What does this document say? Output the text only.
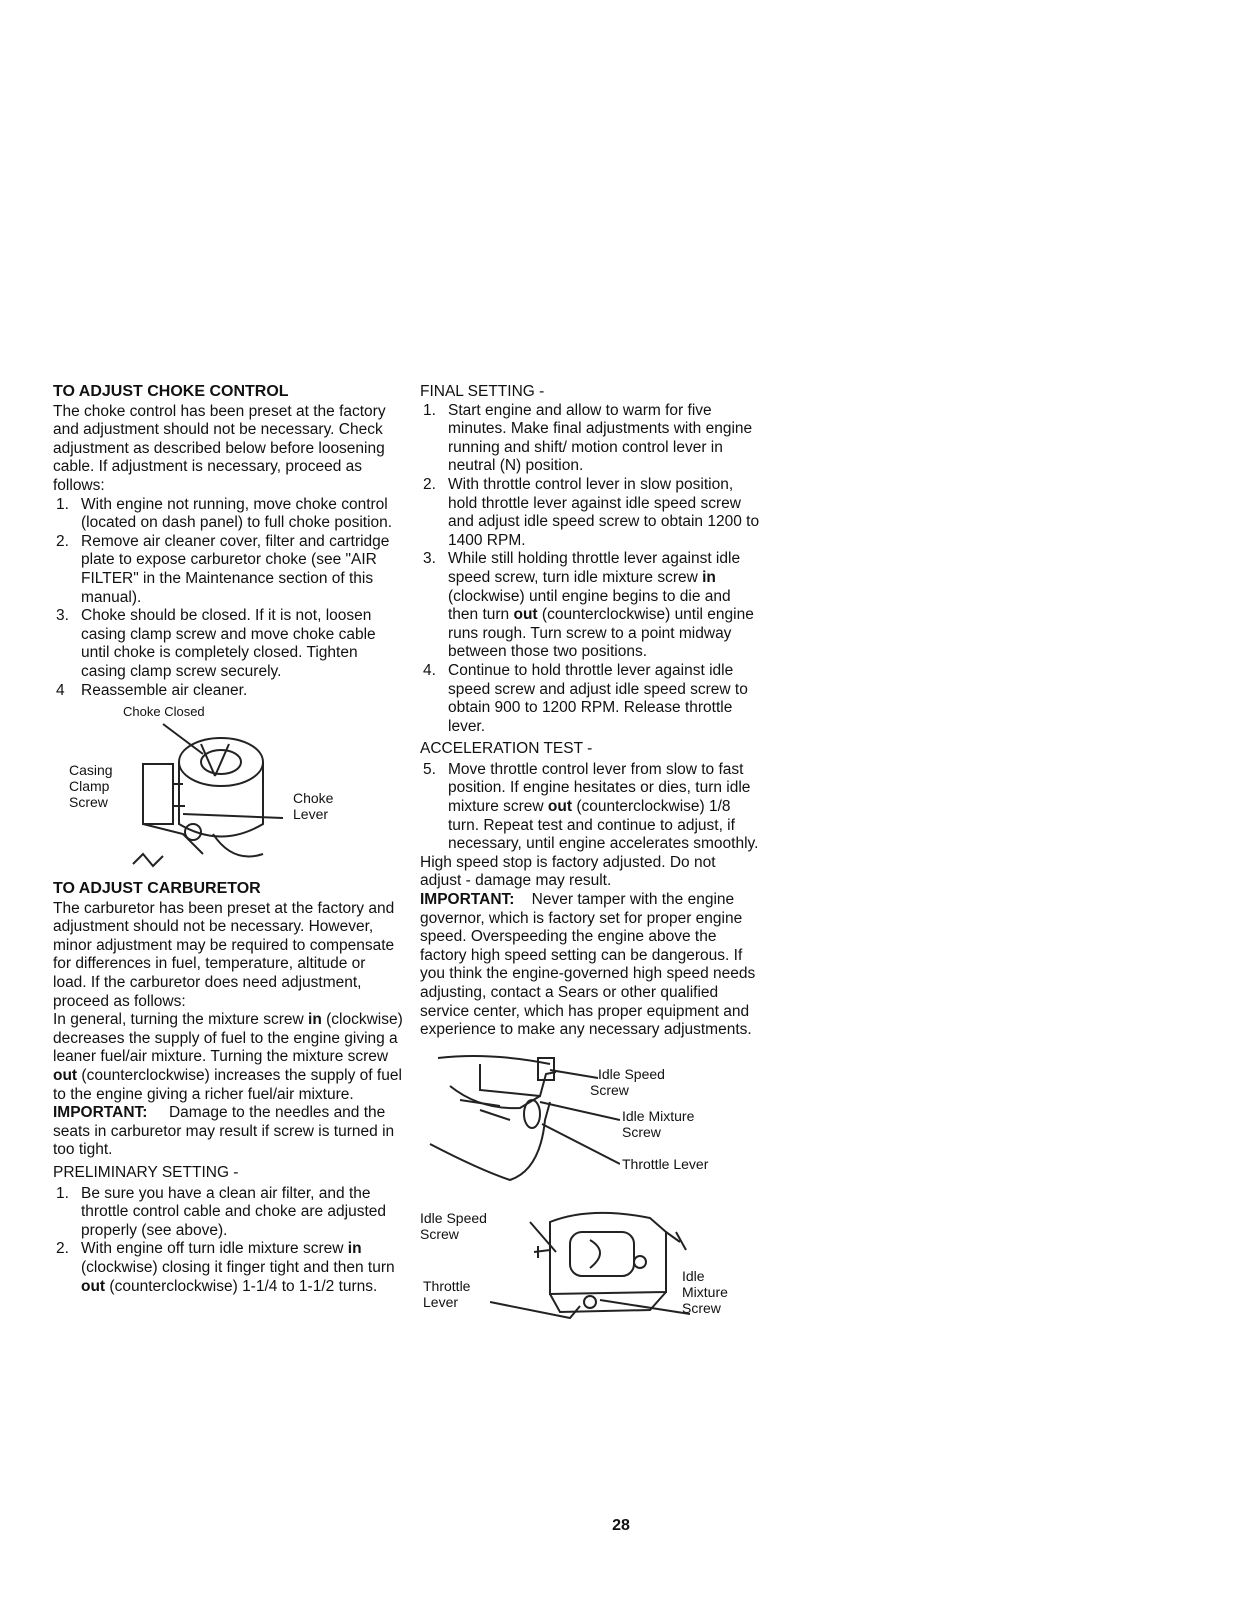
TO ADJUST CHOKE CONTROL

The choke control has been preset at the factory and adjustment should not be necessary. Check adjustment as described below before loosening cable. If adjustment is necessary, proceed as follows:

1. With engine not running, move choke control (located on dash panel) to full choke position.
2. Remove air cleaner cover, filter and cartridge plate to expose carburetor choke (see "AIR FILTER" in the Maintenance section of this manual).
3. Choke should be closed. If it is not, loosen casing clamp screw and move choke cable until choke is completely closed. Tighten casing clamp screw securely.
4 Reassemble air cleaner.
Choke Closed
Casing
Clamp
Screw	Choke
Lever
TO ADJUST CARBURETOR

The carburetor has been preset at the factory and adjustment should not be necessary. However, minor adjustment may be required to compensate for differences in fuel, temperature, altitude or load. If the carburetor does need adjustment, proceed as follows:

In general, turning the mixture screw in (clockwise) decreases the supply of fuel to the engine giving a leaner fuel/air mixture. Turning the mixture screw out (counterclockwise) increases the supply of fuel to the engine giving a richer fuel/air mixture.

IMPORTANT: Damage to the needles and the seats in carburetor may result if screw is turned in too tight.

PRELIMINARY SETTING -
1. Be sure you have a clean air filter, and the throttle control cable and choke are adjusted properly (see above).
2. With engine off turn idle mixture screw in (clockwise) closing it finger tight and then turn out (counterclockwise) 1-1/4 to 1-1/2 turns.
FINAL SETTING -
1. Start engine and allow to warm for five minutes. Make final adjustments with engine running and shift/ motion control lever in neutral (N) position.
2. With throttle control lever in slow position, hold throttle lever against idle speed screw and adjust idle speed screw to obtain 1200 to 1400 RPM.
3. While still holding throttle lever against idle speed screw, turn idle mixture screw in (clockwise) until engine begins to die and then turn out (counterclockwise) until engine runs rough. Turn screw to a point midway between those two positions.
4. Continue to hold throttle lever against idle speed screw and adjust idle speed screw to obtain 900 to 1200 RPM. Release throttle lever.
ACCELERATION TEST -
5. Move throttle control lever from slow to fast position. If engine hesitates or dies, turn idle mixture screw out (counterclockwise) 1/8 turn. Repeat test and continue to adjust, if necessary, until engine accelerates smoothly.

High speed stop is factory adjusted. Do not adjust - damage may result.

IMPORTANT: Never tamper with the engine governor, which is factory set for proper engine speed. Overspeeding the engine above the factory high speed setting can be dangerous. If you think the engine-governed high speed needs adjusting, contact a Sears or other qualified service center, which has proper equipment and experience to make any necessary adjustments.

Idle Speed
Screw
Idle Mixture
Screw
Throttle Lever
Idle Speed
Screw
Throttle
Lever
Idle
Mixture
Screw
28
